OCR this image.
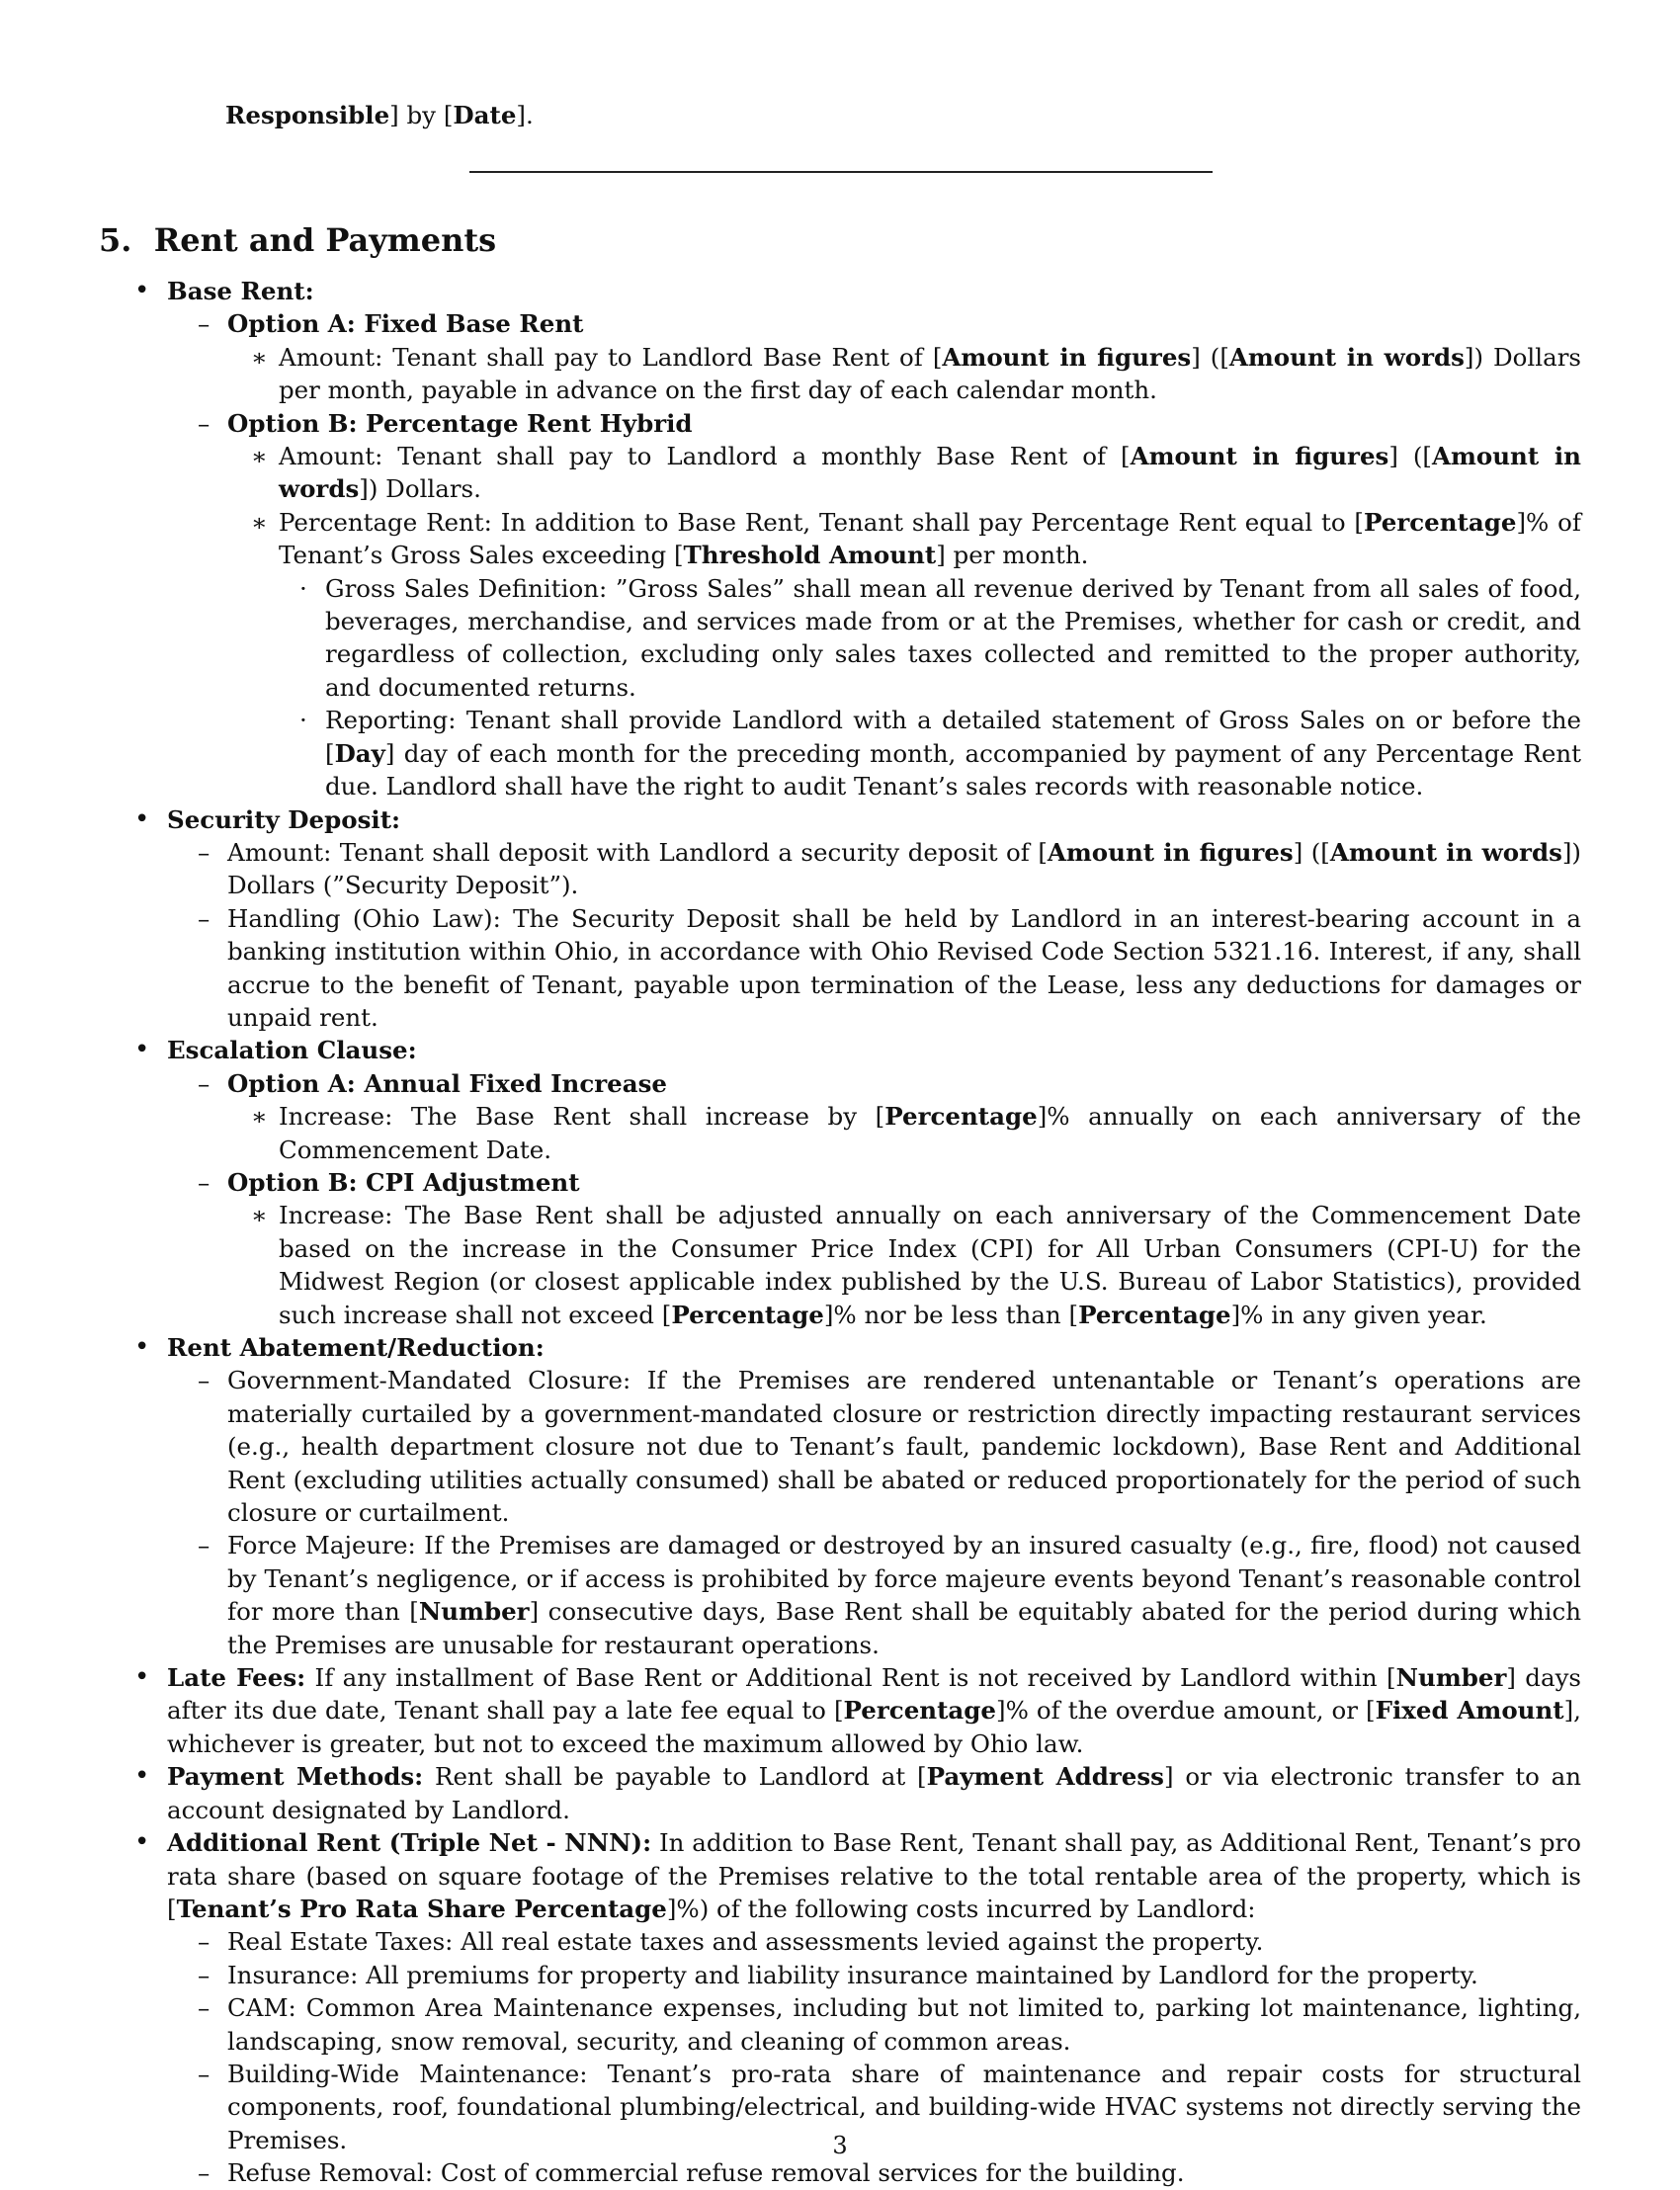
Responsible] by [Date].
5. Rent and Payments
• Base Rent:
– Option A: Fixed Base Rent
∗ Amount: Tenant shall pay to Landlord Base Rent of [Amount in figures] ([Amount in words]) Dollars per month, payable in advance on the first day of each calendar month.
– Option B: Percentage Rent Hybrid
∗ Amount: Tenant shall pay to Landlord a monthly Base Rent of [Amount in figures] ([Amount in words]) Dollars.
∗ Percentage Rent: In addition to Base Rent, Tenant shall pay Percentage Rent equal to [Percentage]% of Tenant’s Gross Sales exceeding [Threshold Amount] per month.
· Gross Sales Definition: ”Gross Sales” shall mean all revenue derived by Tenant from all sales of food, beverages, merchandise, and services made from or at the Premises, whether for cash or credit, and regardless of collection, excluding only sales taxes collected and remitted to the proper authority, and documented returns.
· Reporting: Tenant shall provide Landlord with a detailed statement of Gross Sales on or before the [Day] day of each month for the preceding month, accompanied by payment of any Percentage Rent due. Landlord shall have the right to audit Tenant’s sales records with reasonable notice.
• Security Deposit:
– Amount: Tenant shall deposit with Landlord a security deposit of [Amount in figures] ([Amount in words]) Dollars (”Security Deposit”).
– Handling (Ohio Law): The Security Deposit shall be held by Landlord in an interest-bearing account in a banking institution within Ohio, in accordance with Ohio Revised Code Section 5321.16. Interest, if any, shall accrue to the benefit of Tenant, payable upon termination of the Lease, less any deductions for damages or unpaid rent.
• Escalation Clause:
– Option A: Annual Fixed Increase
∗ Increase: The Base Rent shall increase by [Percentage]% annually on each anniversary of the Commencement Date.
– Option B: CPI Adjustment
∗ Increase: The Base Rent shall be adjusted annually on each anniversary of the Commencement Date based on the increase in the Consumer Price Index (CPI) for All Urban Consumers (CPI-U) for the Midwest Region (or closest applicable index published by the U.S. Bureau of Labor Statistics), provided such increase shall not exceed [Percentage]% nor be less than [Percentage]% in any given year.
• Rent Abatement/Reduction:
– Government-Mandated Closure: If the Premises are rendered untenantable or Tenant’s operations are materially curtailed by a government-mandated closure or restriction directly impacting restaurant services (e.g., health department closure not due to Tenant’s fault, pandemic lockdown), Base Rent and Additional Rent (excluding utilities actually consumed) shall be abated or reduced proportionately for the period of such closure or curtailment.
– Force Majeure: If the Premises are damaged or destroyed by an insured casualty (e.g., fire, flood) not caused by Tenant’s negligence, or if access is prohibited by force majeure events beyond Tenant’s reasonable control for more than [Number] consecutive days, Base Rent shall be equitably abated for the period during which the Premises are unusable for restaurant operations.
• Late Fees: If any installment of Base Rent or Additional Rent is not received by Landlord within [Number] days after its due date, Tenant shall pay a late fee equal to [Percentage]% of the overdue amount, or [Fixed Amount], whichever is greater, but not to exceed the maximum allowed by Ohio law.
• Payment Methods: Rent shall be payable to Landlord at [Payment Address] or via electronic transfer to an account designated by Landlord.
• Additional Rent (Triple Net - NNN): In addition to Base Rent, Tenant shall pay, as Additional Rent, Tenant’s pro rata share (based on square footage of the Premises relative to the total rentable area of the property, which is [Tenant’s Pro Rata Share Percentage]%) of the following costs incurred by Landlord:
– Real Estate Taxes: All real estate taxes and assessments levied against the property.
– Insurance: All premiums for property and liability insurance maintained by Landlord for the property.
– CAM: Common Area Maintenance expenses, including but not limited to, parking lot maintenance, lighting, landscaping, snow removal, security, and cleaning of common areas.
– Building-Wide Maintenance: Tenant’s pro-rata share of maintenance and repair costs for structural components, roof, foundational plumbing/electrical, and building-wide HVAC systems not directly serving the Premises.
– Refuse Removal: Cost of commercial refuse removal services for the building.
3
